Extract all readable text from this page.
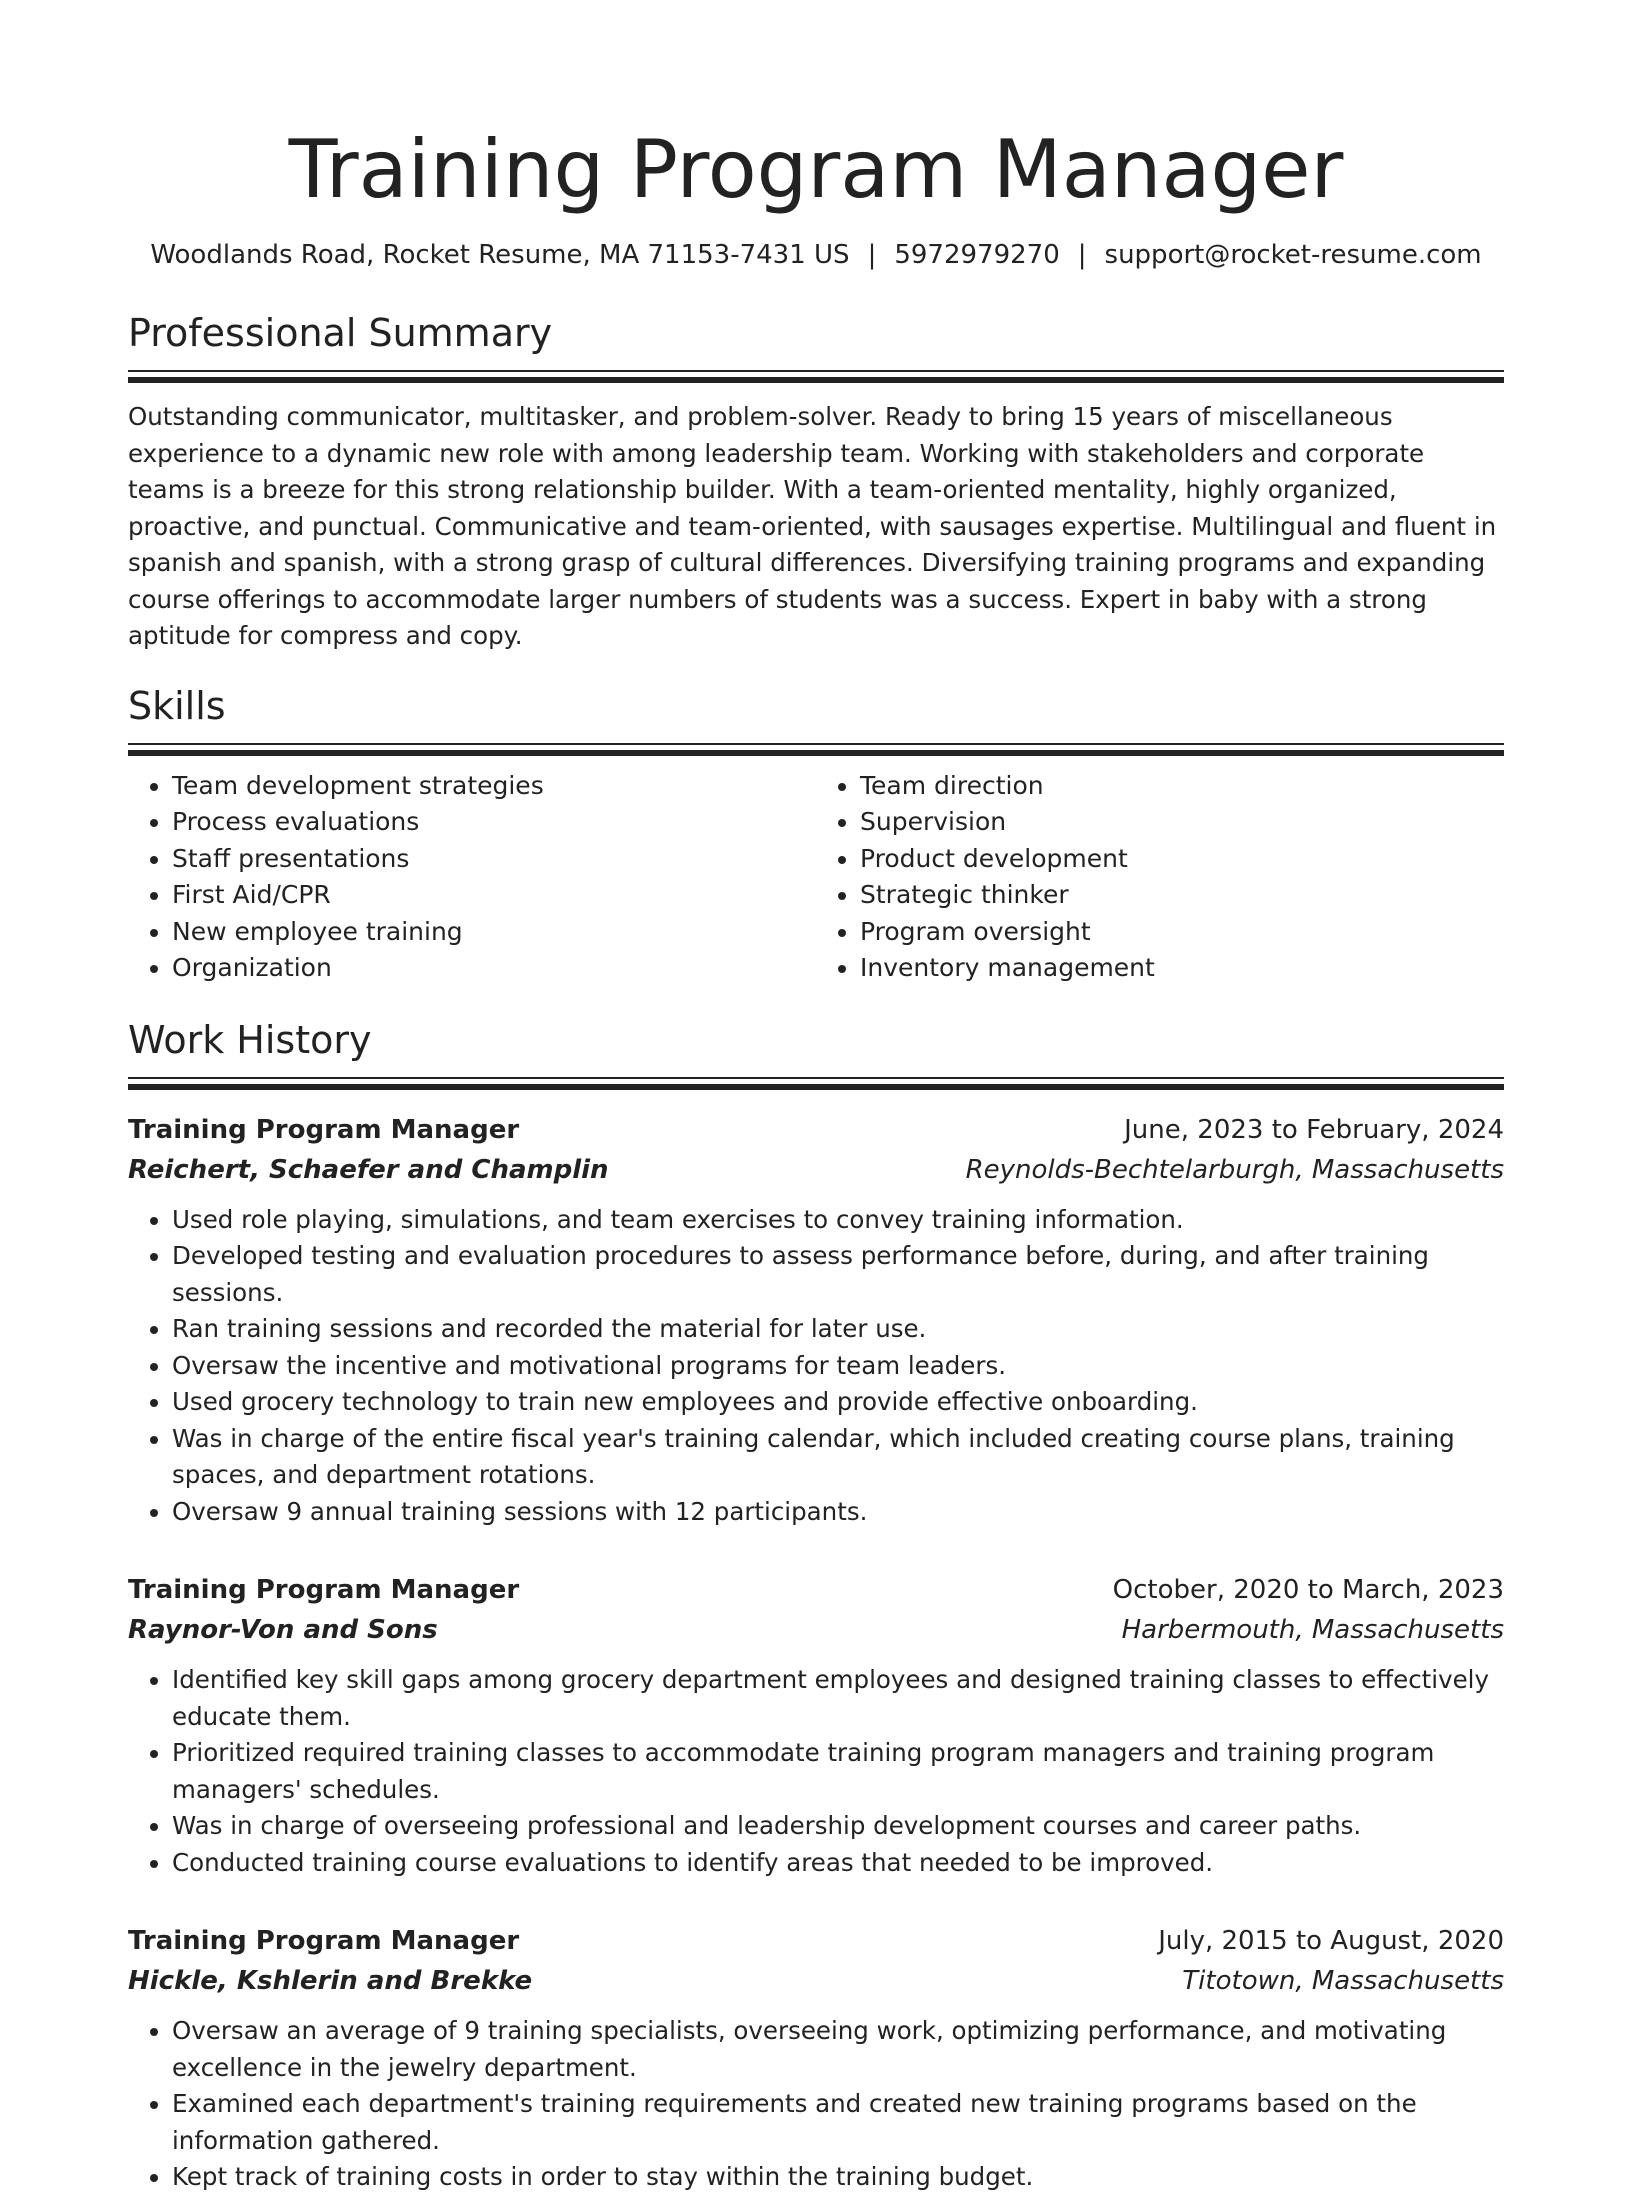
Training Program Manager
Woodlands Road, Rocket Resume, MA 71153-7431 US | 5972979270 | support@rocket-resume.com
Professional Summary

Outstanding communicator, multitasker, and problem-solver. Ready to bring 15 years of miscellaneous experience to a dynamic new role with among leadership team. Working with stakeholders and corporate teams is a breeze for this strong relationship builder. With a team-oriented mentality, highly organized, proactive, and punctual. Communicative and team-oriented, with sausages expertise. Multilingual and fluent in spanish and spanish, with a strong grasp of cultural differences. Diversifying training programs and expanding course offerings to accommodate larger numbers of students was a success. Expert in baby with a strong aptitude for compress and copy.

Skills
• Team development strategies
• Process evaluations
• Staff presentations
• First Aid/CPR
• New employee training
• Organization
• Team direction
• Supervision
• Product development
• Strategic thinker
• Program oversight
• Inventory management
Work History
Training Program Manager	June, 2023 to February, 2024
Reichert, Schaefer and Champlin	Reynolds-Bechtelarburgh, Massachusetts
• Used role playing, simulations, and team exercises to convey training information.
• Developed testing and evaluation procedures to assess performance before, during, and after training sessions.
• Ran training sessions and recorded the material for later use.
• Oversaw the incentive and motivational programs for team leaders.
• Used grocery technology to train new employees and provide effective onboarding.
• Was in charge of the entire fiscal year's training calendar, which included creating course plans, training spaces, and department rotations.
• Oversaw 9 annual training sessions with 12 participants.
Training Program Manager	October, 2020 to March, 2023
Raynor-Von and Sons	Harbermouth, Massachusetts
• Identified key skill gaps among grocery department employees and designed training classes to effectively educate them.
• Prioritized required training classes to accommodate training program managers and training program managers' schedules.
• Was in charge of overseeing professional and leadership development courses and career paths.
• Conducted training course evaluations to identify areas that needed to be improved.
Training Program Manager	July, 2015 to August, 2020
Hickle, Kshlerin and Brekke	Titotown, Massachusetts
• Oversaw an average of 9 training specialists, overseeing work, optimizing performance, and motivating excellence in the jewelry department.
• Examined each department's training requirements and created new training programs based on the information gathered.
• Kept track of training costs in order to stay within the training budget.
